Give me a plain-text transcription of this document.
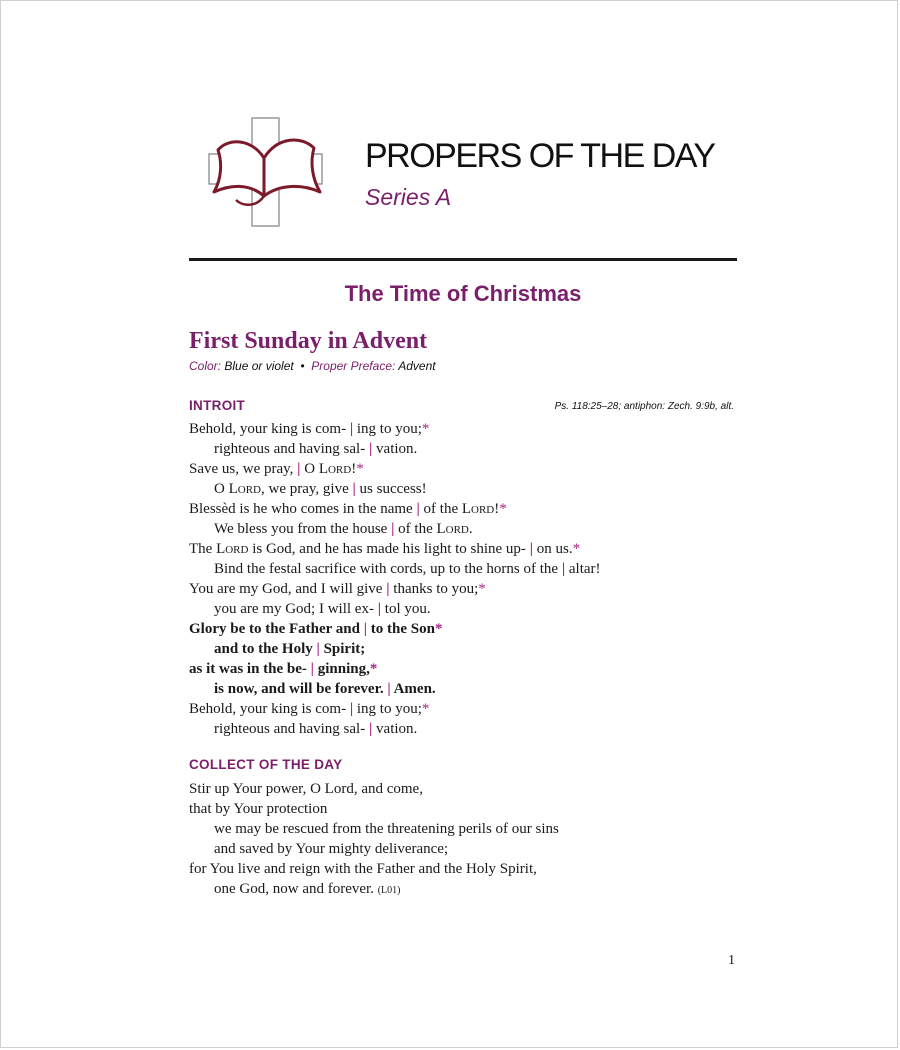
PROPERS OF THE DAY
Series A
The Time of Christmas
First Sunday in Advent
Color: Blue or violet • Proper Preface: Advent
INTROIT	Ps. 118:25–28; antiphon: Zech. 9:9b, alt.
Behold, your king is com- | ing to you;*
righteous and having sal- | vation.
Save us, we pray, | O Lord!*
O Lord, we pray, give | us success!
Blessèd is he who comes in the name | of the Lord!*
We bless you from the house | of the Lord.
The Lord is God, and he has made his light to shine up- | on us.*
Bind the festal sacrifice with cords, up to the horns of the | altar!
You are my God, and I will give | thanks to you;*
you are my God; I will ex- | tol you.
Glory be to the Father and | to the Son*
and to the Holy | Spirit;
as it was in the be- | ginning,*
is now, and will be forever. | Amen.
Behold, your king is com- | ing to you;*
righteous and having sal- | vation.
COLLECT OF THE DAY
Stir up Your power, O Lord, and come,
that by Your protection
we may be rescued from the threatening perils of our sins
and saved by Your mighty deliverance;
for You live and reign with the Father and the Holy Spirit,
one God, now and forever. (L01)
1
